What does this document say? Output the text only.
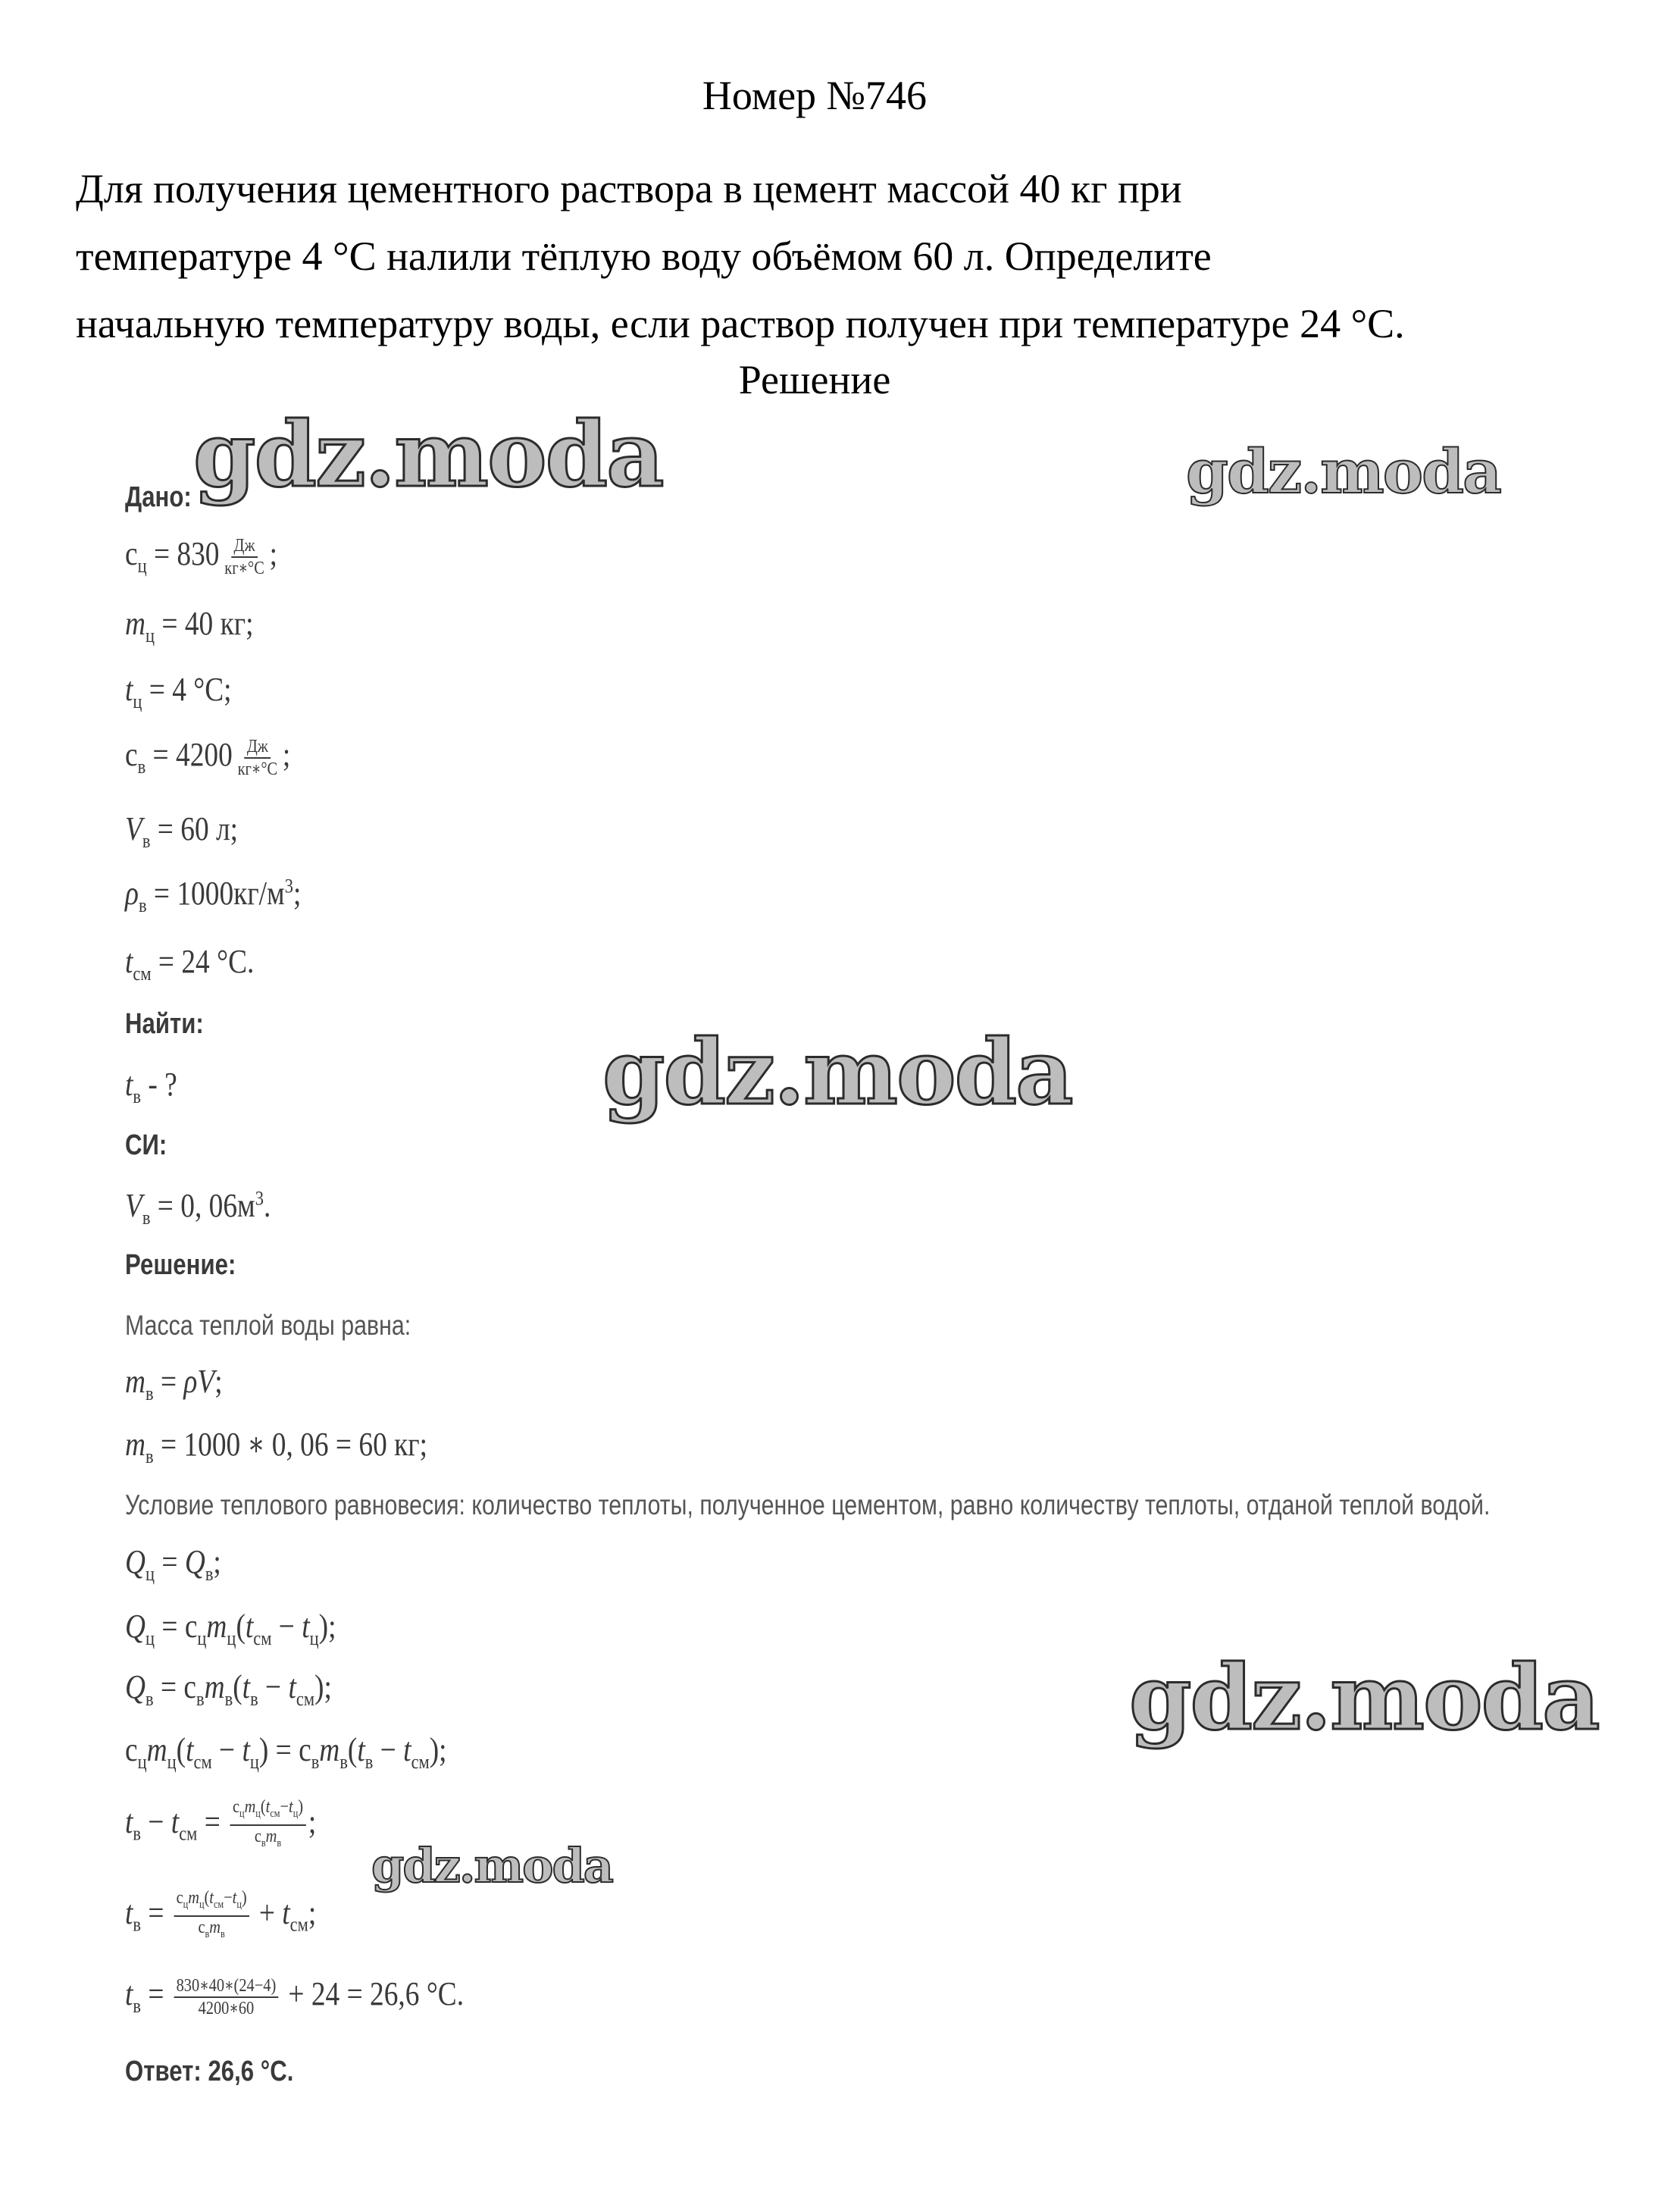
Номер №746
Для получения цементного раствора в цемент массой 40 кг при
температуре 4 °С налили тёплую воду объёмом 60 л. Определите
начальную температуру воды, если раствор получен при температуре 24 °С.
Решение
Дано:
$c_ц = 830 \frac{Дж}{кг∗^\circ С}$ ;
$m_ц = 40$ кг;
$t_ц = 4$ °С;
$c_в = 4200 \frac{Дж}{кг∗^\circ С}$ ;
$V_в = 60$ л;
$\rho_в = 1000кг/м^3$;
$t_{см} = 24$ °С.
Найти:
$t_в$ - ?
СИ:
$V_в = 0$, $06м^3$.
Решение:
Масса теплой воды равна:
$m_в = \rho V$;
$m_в = 1000$ ∗ 0, 06 = 60 кг;
Условие теплового равновесия: количество теплоты, полученное цементом, равно количеству теплоты, отданой теплой водой.
$Q_ц = Q_в$;
$Q_ц = c_цm_ц(t_{см} - t_ц)$;
$Q_в = c_вm_в(t_в - t_{см})$;
$c_цm_ц(t_{см} - t_ц) = c_вm_в(t_в - t_{см})$;
$t_в - t_{см} = \frac{c_цm_ц(t_{см}-t_ц)}{c_вm_в}$ ;
$t_в = \frac{c_цm_ц(t_{см}-t_ц)}{c_вm_в} + t_{см}$;
$t_в = \frac{830∗40∗(24-4)}{4200∗60} + 24 = 26,6$ °С.
Ответ: 26,6 °С.
gdz.moda	gdz.moda
gdz.moda
gdz.moda
gdz.moda
